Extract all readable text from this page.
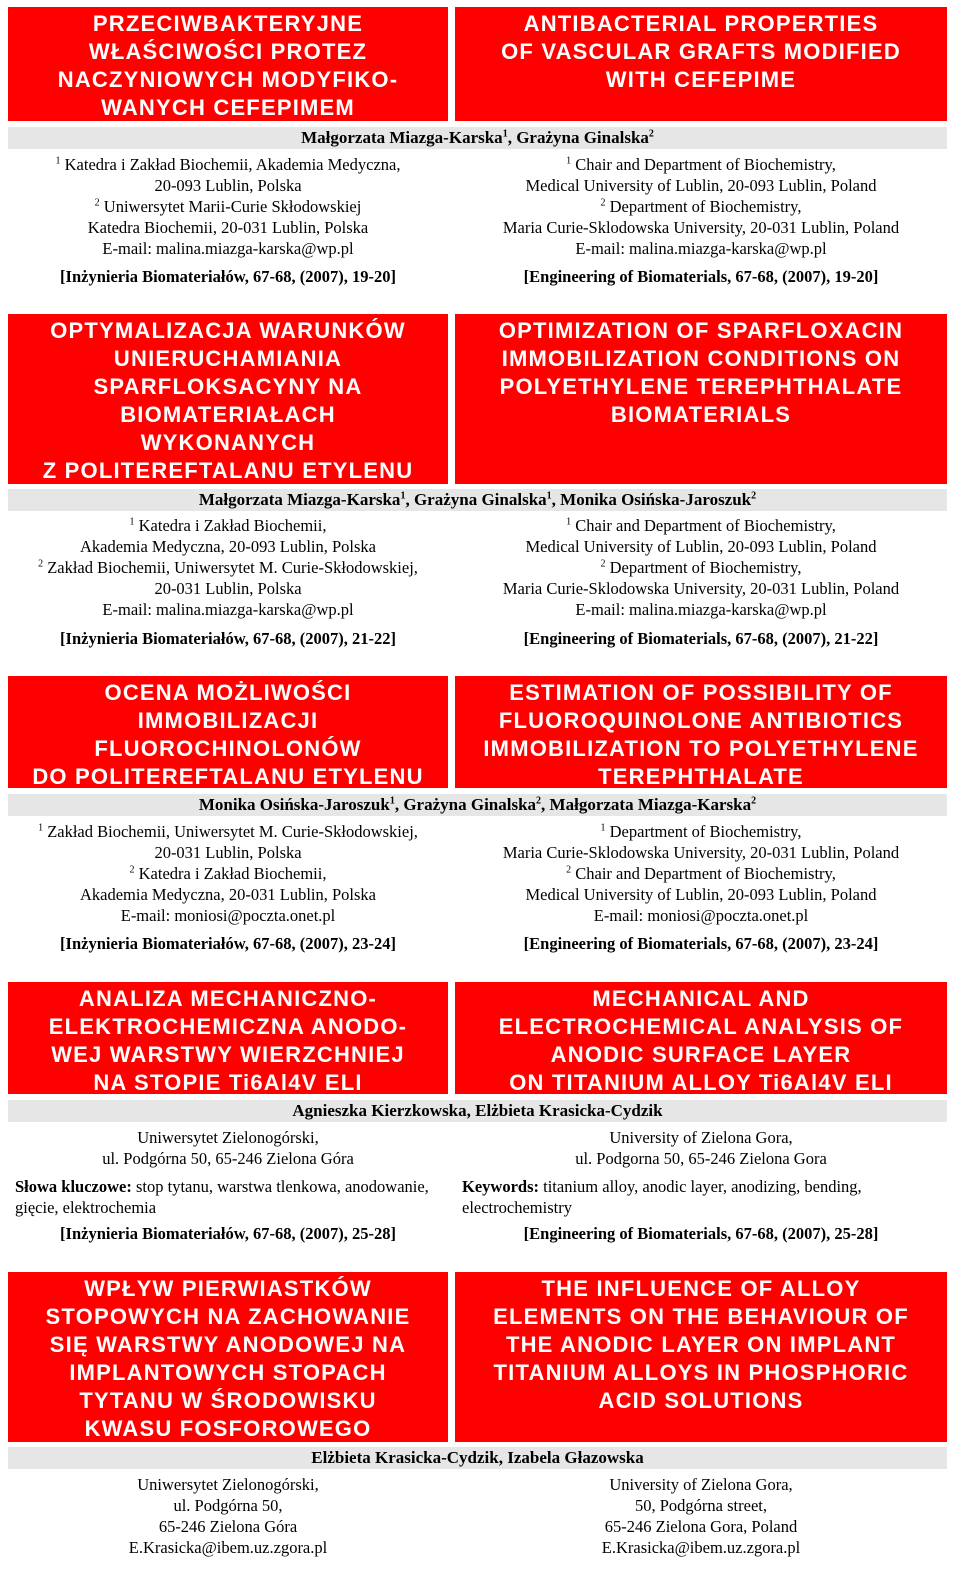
PRZECIWBAKTERYJNE
WŁAŚCIWOŚCI PROTEZ
NACZYNIOWYCH MODYFIKO-
WANYCH CEFEPIMEM
ANTIBACTERIAL PROPERTIES
OF VASCULAR GRAFTS MODIFIED
WITH CEFEPIME
Małgorzata Miazga-Karska$^1$, Grażyna Ginalska$^2$
$^1$ Katedra i Zakład Biochemii, Akademia Medyczna,
20-093 Lublin, Polska
$^2$ Uniwersytet Marii-Curie Skłodowskiej
Katedra Biochemii, 20-031 Lublin, Polska
E-mail: malina.miazga-karska@wp.pl
$^1$ Chair and Department of Biochemistry,
Medical University of Lublin, 20-093 Lublin, Poland
$^2$ Department of Biochemistry,
Maria Curie-Sklodowska University, 20-031 Lublin, Poland
E-mail: malina.miazga-karska@wp.pl
[Inżynieria Biomateriałów, 67-68, (2007), 19-20]	[Engineering of Biomaterials, 67-68, (2007), 19-20]
OPTYMALIZACJA WARUNKÓW
UNIERUCHAMIANIA
SPARFLOKSACYNY NA
BIOMATERIAŁACH
WYKONANYCH
Z POLITEREFTALANU ETYLENU
OPTIMIZATION OF SPARFLOXACIN
IMMOBILIZATION CONDITIONS ON
POLYETHYLENE TEREPHTHALATE
BIOMATERIALS
Małgorzata Miazga-Karska$^1$, Grażyna Ginalska$^1$, Monika Osińska-Jaroszuk$^2$
$^1$ Katedra i Zakład Biochemii,
Akademia Medyczna, 20-093 Lublin, Polska
$^2$ Zakład Biochemii, Uniwersytet M. Curie-Skłodowskiej,
20-031 Lublin, Polska
E-mail: malina.miazga-karska@wp.pl
$^1$ Chair and Department of Biochemistry,
Medical University of Lublin, 20-093 Lublin, Poland
$^2$ Department of Biochemistry,
Maria Curie-Sklodowska University, 20-031 Lublin, Poland
E-mail: malina.miazga-karska@wp.pl
[Inżynieria Biomateriałów, 67-68, (2007), 21-22]	[Engineering of Biomaterials, 67-68, (2007), 21-22]
OCENA MOŻLIWOŚCI
IMMOBILIZACJI
FLUOROCHINOLONÓW
DO POLITEREFTALANU ETYLENU
ESTIMATION OF POSSIBILITY OF
FLUOROQUINOLONE ANTIBIOTICS
IMMOBILIZATION TO POLYETHYLENE
TEREPHTHALATE
Monika Osińska-Jaroszuk$^1$, Grażyna Ginalska$^2$, Małgorzata Miazga-Karska$^2$
$^1$ Zakład Biochemii, Uniwersytet M. Curie-Skłodowskiej,
20-031 Lublin, Polska
$^2$ Katedra i Zakład Biochemii,
Akademia Medyczna, 20-031 Lublin, Polska
E-mail: moniosi@poczta.onet.pl
$^1$ Department of Biochemistry,
Maria Curie-Sklodowska University, 20-031 Lublin, Poland
$^2$ Chair and Department of Biochemistry,
Medical University of Lublin, 20-093 Lublin, Poland
E-mail: moniosi@poczta.onet.pl
[Inżynieria Biomateriałów, 67-68, (2007), 23-24]	[Engineering of Biomaterials, 67-68, (2007), 23-24]
ANALIZA MECHANICZNO-
ELEKTROCHEMICZNA ANODO-
WEJ WARSTWY WIERZCHNIEJ
NA STOPIE Ti6Al4V ELI
MECHANICAL AND
ELECTROCHEMICAL ANALYSIS OF
ANODIC SURFACE LAYER
ON TITANIUM ALLOY Ti6Al4V ELI
Agnieszka Kierzkowska, Elżbieta Krasicka-Cydzik
Uniwersytet Zielonogórski,
ul. Podgórna 50, 65-246 Zielona Góra
University of Zielona Gora,
ul. Podgorna 50, 65-246 Zielona Gora
Słowa kluczowe: stop tytanu, warstwa tlenkowa, anodowanie, gięcie, elektrochemia
Keywords: titanium alloy, anodic layer, anodizing, bending, electrochemistry
[Inżynieria Biomateriałów, 67-68, (2007), 25-28]	[Engineering of Biomaterials, 67-68, (2007), 25-28]
WPŁYW PIERWIASTKÓW
STOPOWYCH NA ZACHOWANIE
SIĘ WARSTWY ANODOWEJ NA
IMPLANTOWYCH STOPACH
TYTANU W ŚRODOWISKU
KWASU FOSFOROWEGO
THE INFLUENCE OF ALLOY
ELEMENTS ON THE BEHAVIOUR OF
THE ANODIC LAYER ON IMPLANT
TITANIUM ALLOYS IN PHOSPHORIC
ACID SOLUTIONS
Elżbieta Krasicka-Cydzik, Izabela Głazowska
Uniwersytet Zielonogórski,
ul. Podgórna 50,
65-246 Zielona Góra
E.Krasicka@ibem.uz.zgora.pl
University of Zielona Gora,
50, Podgórna street,
65-246 Zielona Gora, Poland
E.Krasicka@ibem.uz.zgora.pl
